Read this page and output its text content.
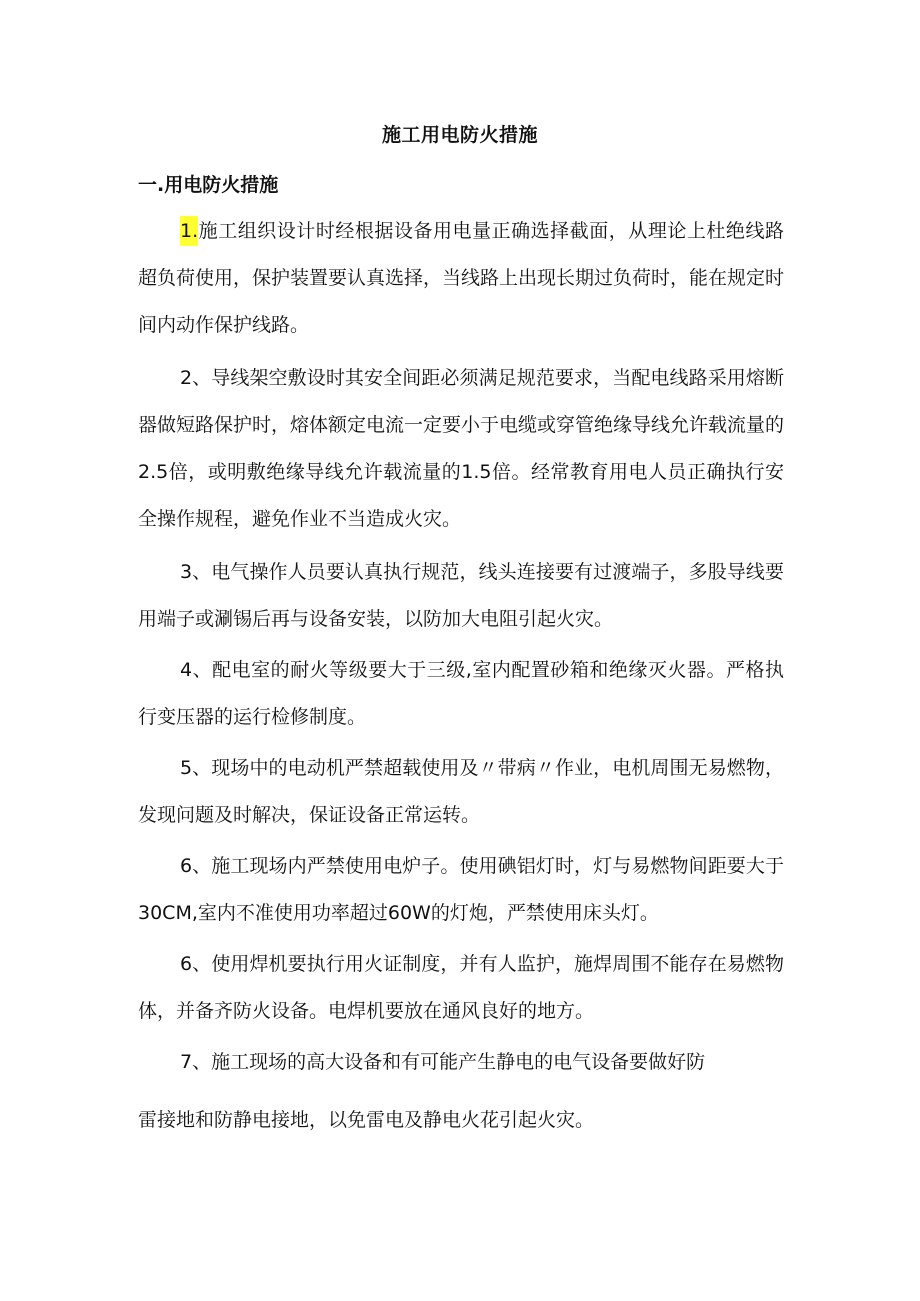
施工用电防火措施
一.用电防火措施

1.施工组织设计时经根据设备用电量正确选择截面，从理论上杜绝线路超负荷使用，保护装置要认真选择，当线路上出现长期过负荷时，能在规定时间内动作保护线路。

2、导线架空敷设时其安全间距必须满足规范要求，当配电线路采用熔断器做短路保护时，熔体额定电流一定要小于电缆或穿管绝缘导线允许载流量的2.5倍，或明敷绝缘导线允许载流量的1.5倍。经常教育用电人员正确执行安全操作规程，避免作业不当造成火灾。

3、电气操作人员要认真执行规范，线头连接要有过渡端子，多股导线要用端子或涮锡后再与设备安装，以防加大电阻引起火灾。

4、配电室的耐火等级要大于三级,室内配置砂箱和绝缘灭火器。严格执行变压器的运行检修制度。

5、现场中的电动机严禁超载使用及〃带病〃作业，电机周围无易燃物，发现问题及时解决，保证设备正常运转。

6、施工现场内严禁使用电炉子。使用碘铝灯时，灯与易燃物间距要大于30CM,室内不准使用功率超过60W的灯炮，严禁使用床头灯。

6、使用焊机要执行用火证制度，并有人监护，施焊周围不能存在易燃物体，并备齐防火设备。电焊机要放在通风良好的地方。

7、施工现场的高大设备和有可能产生静电的电气设备要做好防

雷接地和防静电接地，以免雷电及静电火花引起火灾。
